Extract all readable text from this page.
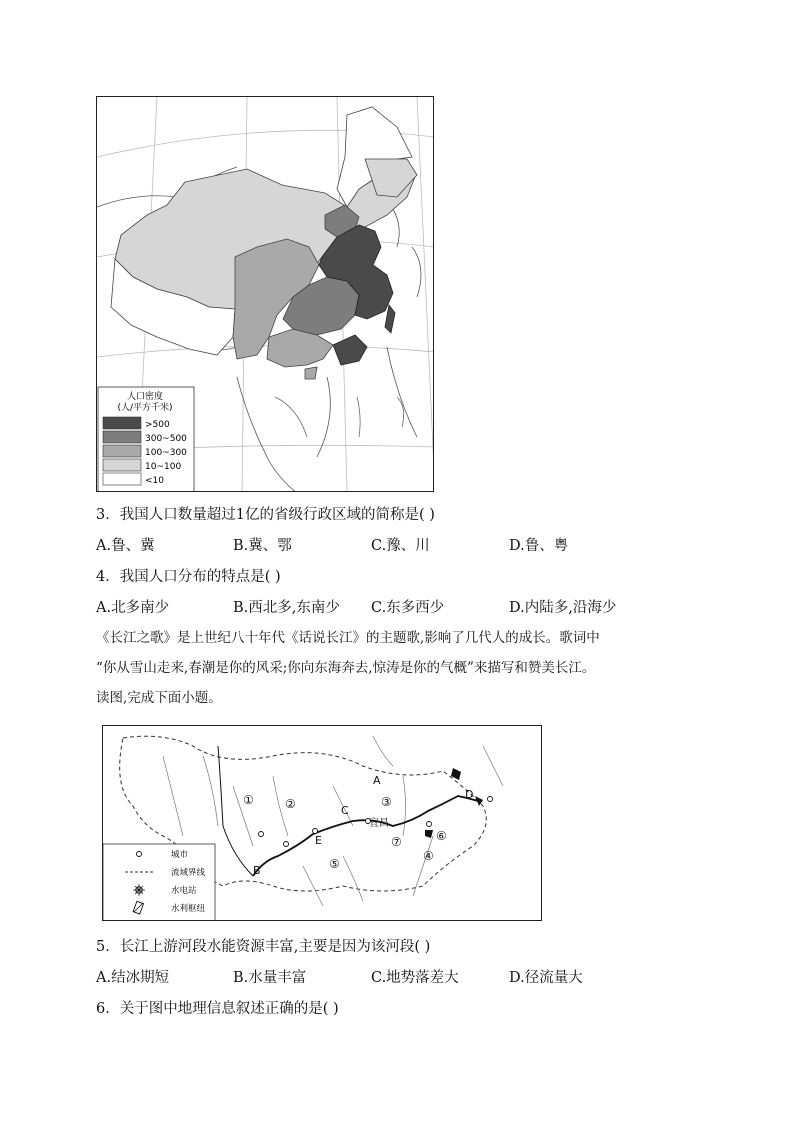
人口密度
(人/平方千米)
>500
300~500
100~300
10~100
<10
3．我国人口数量超过1亿的省级行政区域的简称是( )
A.鲁、冀	B.冀、鄂	C.豫、川	D.鲁、粤
4．我国人口分布的特点是( )
A.北多南少	B.西北多,东南少 C.东多西少	D.内陆多,沿海少
《长江之歌》是上世纪八十年代《话说长江》的主题歌,影响了几代人的成长。歌词中
“你从雪山走来,春潮是你的风采;你向东海奔去,惊涛是你的气概”来描写和赞美长江。
读图,完成下面小题。
A
B
C
D
E
宜昌
①	②	③
④
⑤
⑥
⑦
城市
流域界线
水电站
水利枢纽
5．长江上游河段水能资源丰富,主要是因为该河段( )
A.结冰期短	B.水量丰富	C.地势落差大	D.径流量大
6．关于图中地理信息叙述正确的是( )
